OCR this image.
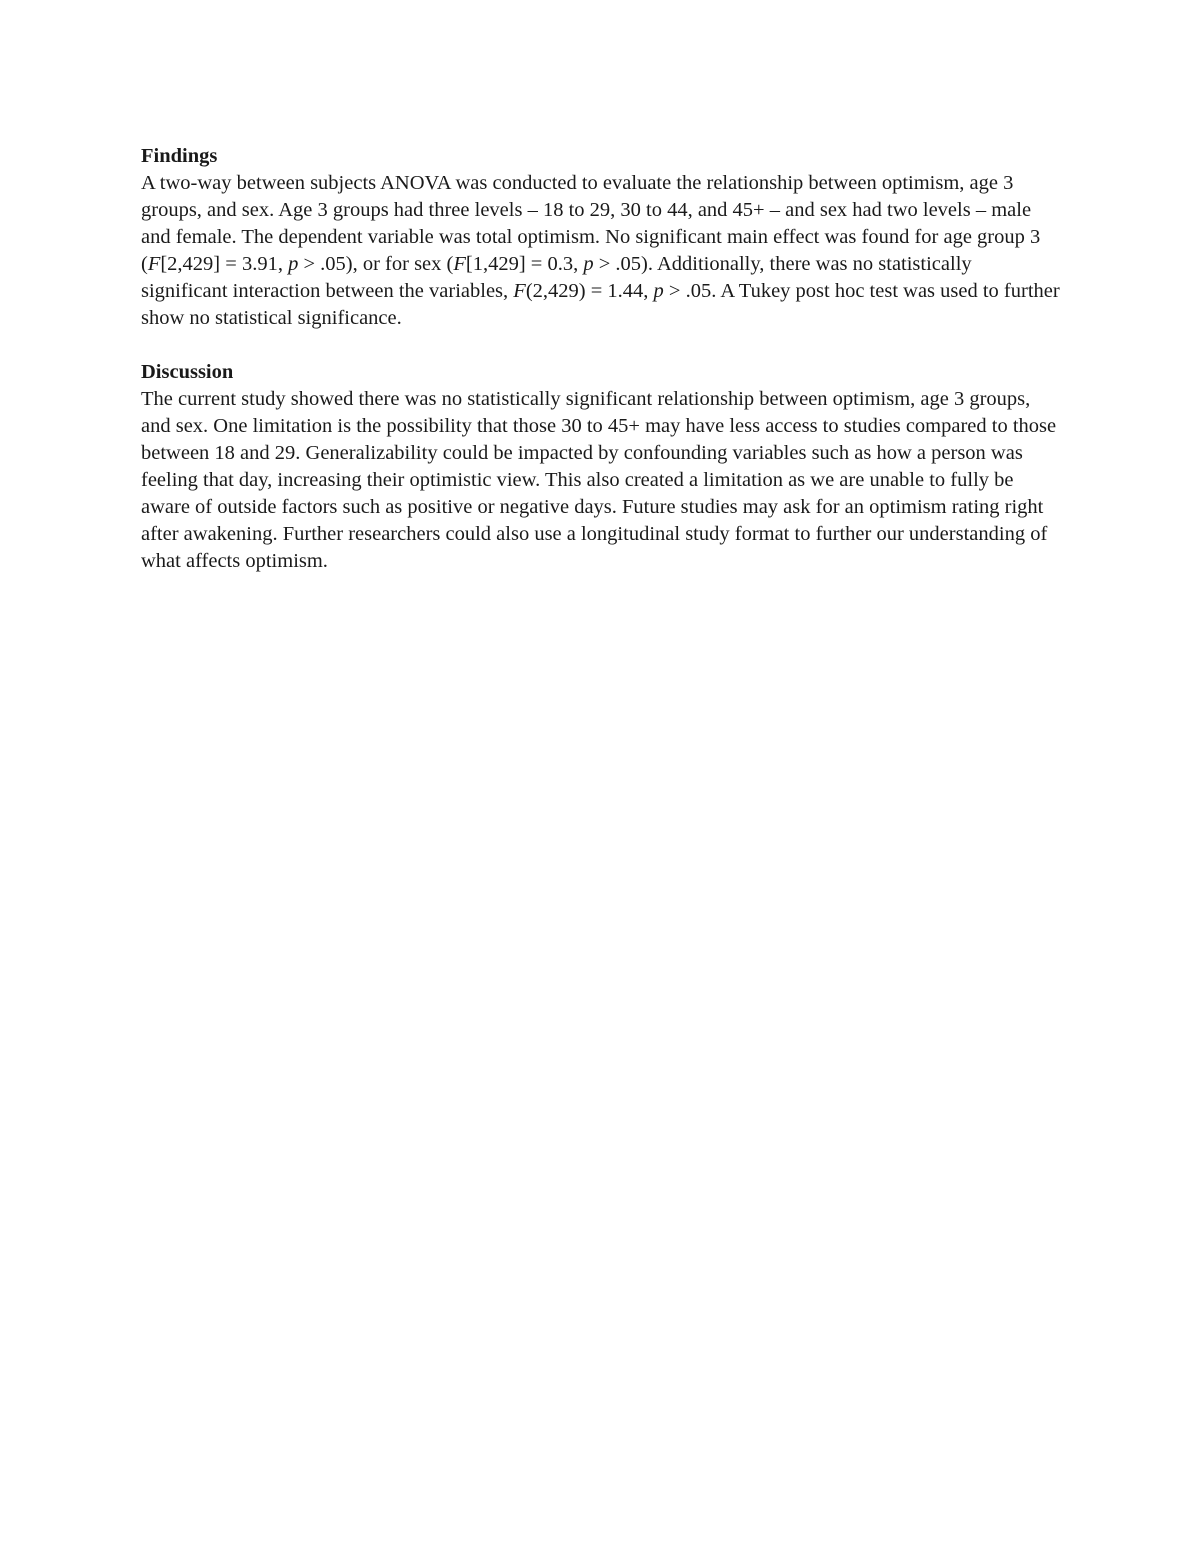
Findings

A two-way between subjects ANOVA was conducted to evaluate the relationship between optimism, age 3 groups, and sex. Age 3 groups had three levels – 18 to 29, 30 to 44, and 45+ – and sex had two levels – male and female. The dependent variable was total optimism. No significant main effect was found for age group 3 (F[2,429] = 3.91, p > .05), or for sex (F[1,429] = 0.3, p > .05). Additionally, there was no statistically significant interaction between the variables, F(2,429) = 1.44, p > .05. A Tukey post hoc test was used to further show no statistical significance.

Discussion

The current study showed there was no statistically significant relationship between optimism, age 3 groups, and sex. One limitation is the possibility that those 30 to 45+ may have less access to studies compared to those between 18 and 29. Generalizability could be impacted by confounding variables such as how a person was feeling that day, increasing their optimistic view. This also created a limitation as we are unable to fully be aware of outside factors such as positive or negative days. Future studies may ask for an optimism rating right after awakening. Further researchers could also use a longitudinal study format to further our understanding of what affects optimism.
